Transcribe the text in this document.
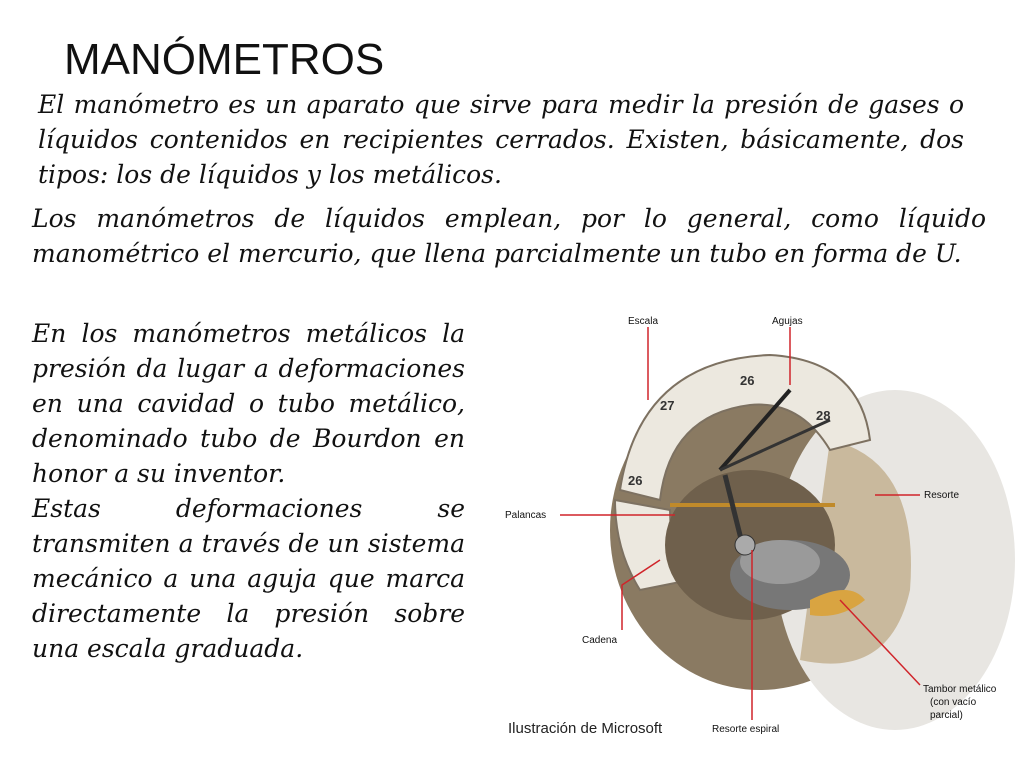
MANÓMETROS

El manómetro es un aparato que sirve para medir la presión de gases o líquidos contenidos en recipientes cerrados. Existen, básicamente, dos tipos: los de líquidos y los metálicos.

Los manómetros de líquidos emplean, por lo general, como líquido manométrico el mercurio, que llena parcialmente un tubo en forma de U.

En los manómetros metálicos la presión da lugar a deformaciones en una cavidad o tubo metálico, denominado tubo de Bourdon en honor a su inventor.
Estas deformaciones se transmiten a través de un sistema mecánico a una aguja que marca directamente la presión sobre una escala graduada.
26
27
28
26
Escala	Agujas
Resorte
Palancas
Cadena
Tambor metálico
(con vacío
parcial)
Resorte espiral
Ilustración de Microsoft
